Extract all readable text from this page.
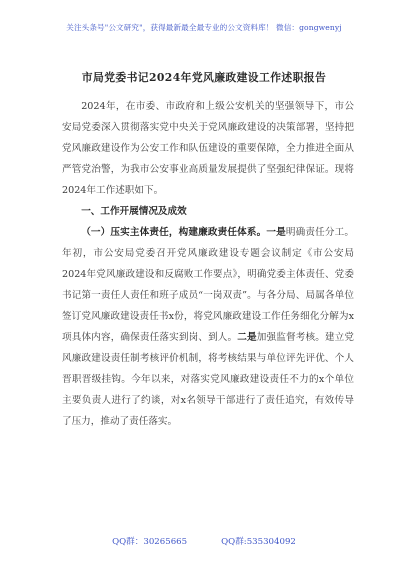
关注头条号"公文研究"，获得最新最全最专业的公文资料库！ 微信：gongwenyj
市局党委书记2024年党风廉政建设工作述职报告

2024年，在市委、市政府和上级公安机关的坚强领导下，市公安局党委深入贯彻落实党中央关于党风廉政建设的决策部署，坚持把党风廉政建设作为公安工作和队伍建设的重要保障，全力推进全面从严管党治警，为我市公安事业高质量发展提供了坚强纪律保证。现将2024年工作述职如下。

一、工作开展情况及成效

（一）压实主体责任，构建廉政责任体系。一是明确责任分工。年初，市公安局党委召开党风廉政建设专题会议制定《市公安局2024年党风廉政建设和反腐败工作要点》，明确党委主体责任、党委书记第一责任人责任和班子成员“一岗双责”。与各分局、局属各单位签订党风廉政建设责任书x份，将党风廉政建设工作任务细化分解为x项具体内容，确保责任落实到岗、到人。二是加强监督考核。建立党风廉政建设责任制考核评价机制，将考核结果与单位评先评优、个人晋职晋级挂钩。今年以来，对落实党风廉政建设责任不力的x个单位主要负责人进行了约谈，对x名领导干部进行了责任追究，有效传导了压力，推动了责任落实。

QQ群：30265665	QQ群:535304092
